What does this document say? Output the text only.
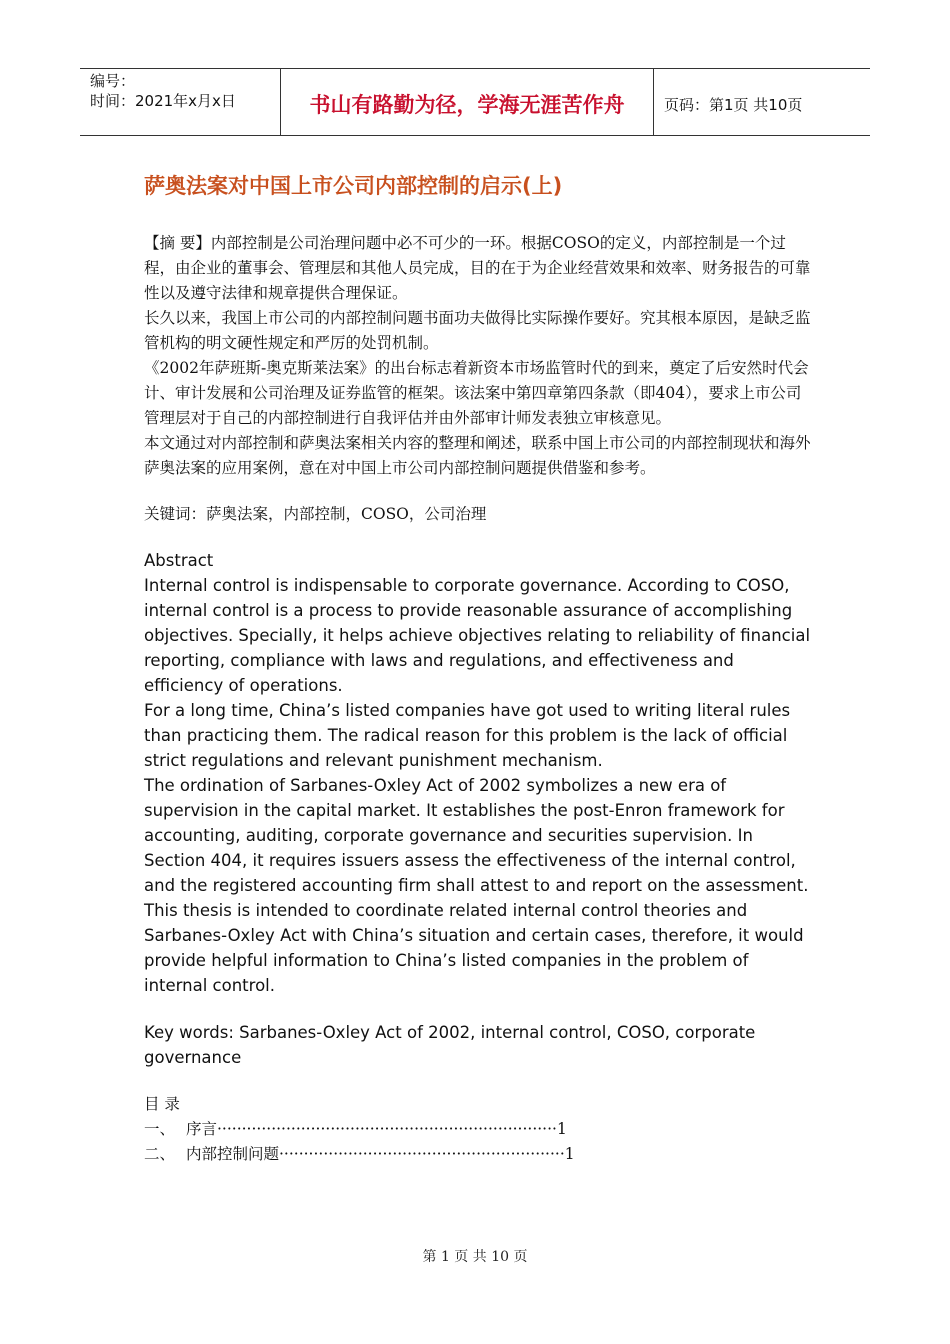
编号：
时间：2021年x月x日	书山有路勤为径，学海无涯苦作舟	页码：第1页 共10页
萨奥法案对中国上市公司内部控制的启示(上)

【摘 要】内部控制是公司治理问题中必不可少的一环。根据COSO的定义，内部控制是一个过程，由企业的董事会、管理层和其他人员完成，目的在于为企业经营效果和效率、财务报告的可靠性以及遵守法律和规章提供合理保证。

长久以来，我国上市公司的内部控制问题书面功夫做得比实际操作要好。究其根本原因，是缺乏监管机构的明文硬性规定和严厉的处罚机制。

《2002年萨班斯-奥克斯莱法案》的出台标志着新资本市场监管时代的到来，奠定了后安然时代会计、审计发展和公司治理及证券监管的框架。该法案中第四章第四条款（即404），要求上市公司管理层对于自己的内部控制进行自我评估并由外部审计师发表独立审核意见。

本文通过对内部控制和萨奥法案相关内容的整理和阐述，联系中国上市公司的内部控制现状和海外萨奥法案的应用案例，意在对中国上市公司内部控制问题提供借鉴和参考。

关键词：萨奥法案，内部控制，COSO，公司治理

Abstract

Internal control is indispensable to corporate governance. According to COSO, internal control is a process to provide reasonable assurance of accomplishing objectives. Specially, it helps achieve objectives relating to reliability of financial reporting, compliance with laws and regulations, and effectiveness and efficiency of operations.

For a long time, China’s listed companies have got used to writing literal rules than practicing them. The radical reason for this problem is the lack of official strict regulations and relevant punishment mechanism.

The ordination of Sarbanes-Oxley Act of 2002 symbolizes a new era of supervision in the capital market. It establishes the post-Enron framework for accounting, auditing, corporate governance and securities supervision. In Section 404, it requires issuers assess the effectiveness of the internal control, and the registered accounting firm shall attest to and report on the assessment.

This thesis is intended to coordinate related internal control theories and Sarbanes-Oxley Act with China’s situation and certain cases, therefore, it would provide helpful information to China’s listed companies in the problem of internal control.

Key words: Sarbanes-Oxley Act of 2002, internal control, COSO, corporate governance

目 录

一、 序言·····································································1

二、 内部控制问题··························································1

第 1 页 共 10 页
